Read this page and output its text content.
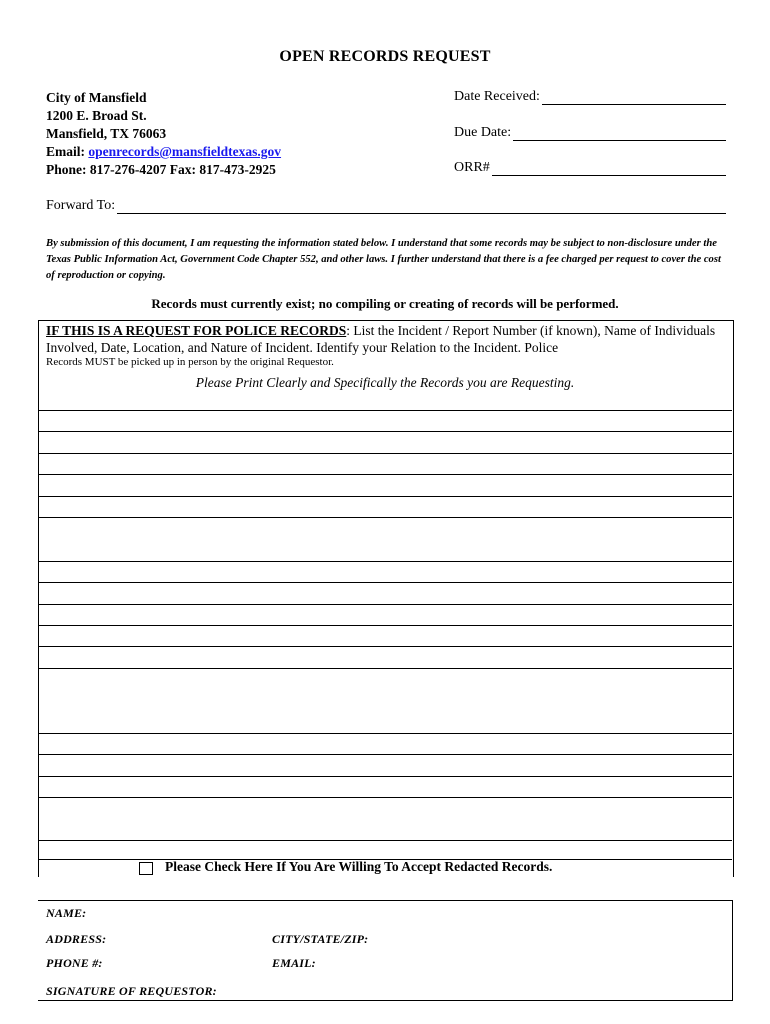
OPEN RECORDS REQUEST
City of Mansfield
1200 E. Broad St.
Mansfield, TX 76063
Email: openrecords@mansfieldtexas.gov
Phone: 817-276-4207 Fax: 817-473-2925
Date Received:
Due Date:
ORR#
Forward To:
By submission of this document, I am requesting the information stated below. I understand that some records may be subject to non-disclosure under the Texas Public Information Act, Government Code Chapter 552, and other laws. I further understand that there is a fee charged per request to cover the cost of reproduction or copying.
Records must currently exist; no compiling or creating of records will be performed.
IF THIS IS A REQUEST FOR POLICE RECORDS: List the Incident / Report Number (if known), Name of Individuals Involved, Date, Location, and Nature of Incident. Identify your Relation to the Incident. Police
Records MUST be picked up in person by the original Requestor.
Please Print Clearly and Specifically the Records you are Requesting.
Please Check Here If You Are Willing To Accept Redacted Records.
NAME:
ADDRESS:	CITY/STATE/ZIP:
PHONE #:	EMAIL:
SIGNATURE OF REQUESTOR:
